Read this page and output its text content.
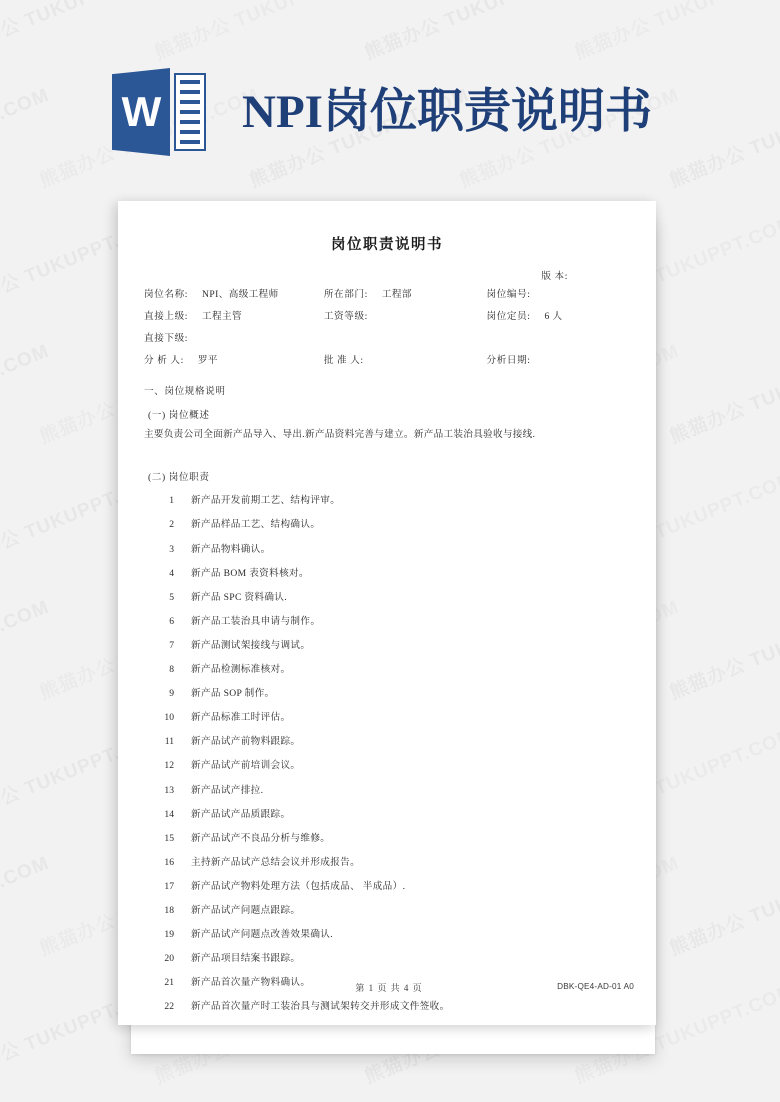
W NPI岗位职责说明书
岗位职责说明书
版 本:
岗位名称: NPI、高级工程师	所在部门: 工程部	岗位编号:
直接上级: 工程主管	工资等级:	岗位定员: 6 人
直接下级:
分 析 人: 罗平	批 准 人:	分析日期:
一、岗位规格说明
(一) 岗位概述
主要负责公司全面新产品导入、导出.新产品资料完善与建立。新产品工装治具验收与接线.
(二) 岗位职责
1 新产品开发前期工艺、结构评审。
2 新产品样品工艺、结构确认。
3 新产品物料确认。
4 新产品 BOM 表资料核对。
5 新产品 SPC 资料确认.
6 新产品工装治具申请与制作。
7 新产品测试架接线与调试。
8 新产品检测标准核对。
9 新产品 SOP 制作。
10 新产品标准工时评估。
11 新产品试产前物料跟踪。
12 新产品试产前培训会议。
13 新产品试产排拉.
14 新产品试产品质跟踪。
15 新产品试产不良品分析与维修。
16 主持新产品试产总结会议并形成报告。
17 新产品试产物料处理方法（包括成品、 半成品）.
18 新产品试产问题点跟踪。
19 新产品试产问题点改善效果确认.
20 新产品项目结案书跟踪。
21 新产品首次量产物料确认。
22 新产品首次量产时工装治具与测试架转交并形成文件签收。
第 1 页 共 4 页	DBK-QE4-AD-01 A0
